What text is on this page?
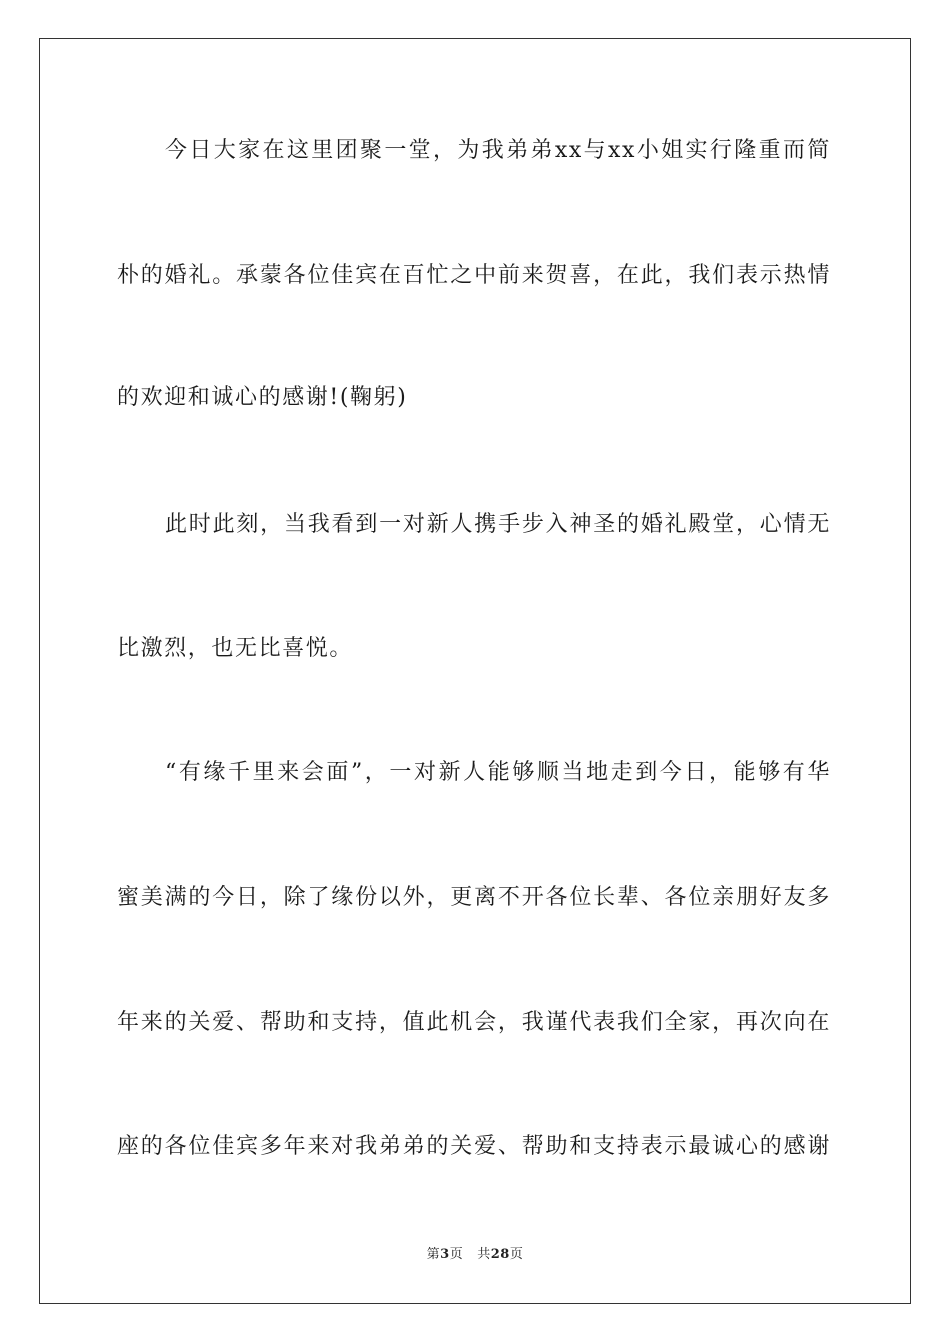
今日大家在这里团聚一堂，为我弟弟xx与xx小姐实行隆重而简
朴的婚礼。承蒙各位佳宾在百忙之中前来贺喜，在此，我们表示热情
的欢迎和诚心的感谢!(鞠躬)
此时此刻，当我看到一对新人携手步入神圣的婚礼殿堂，心情无
比激烈，也无比喜悦。
“有缘千里来会面”，一对新人能够顺当地走到今日，能够有华
蜜美满的今日，除了缘份以外，更离不开各位长辈、各位亲朋好友多
年来的关爱、帮助和支持，值此机会，我谨代表我们全家，再次向在
座的各位佳宾多年来对我弟弟的关爱、帮助和支持表示最诚心的感谢
第3页 共28页
